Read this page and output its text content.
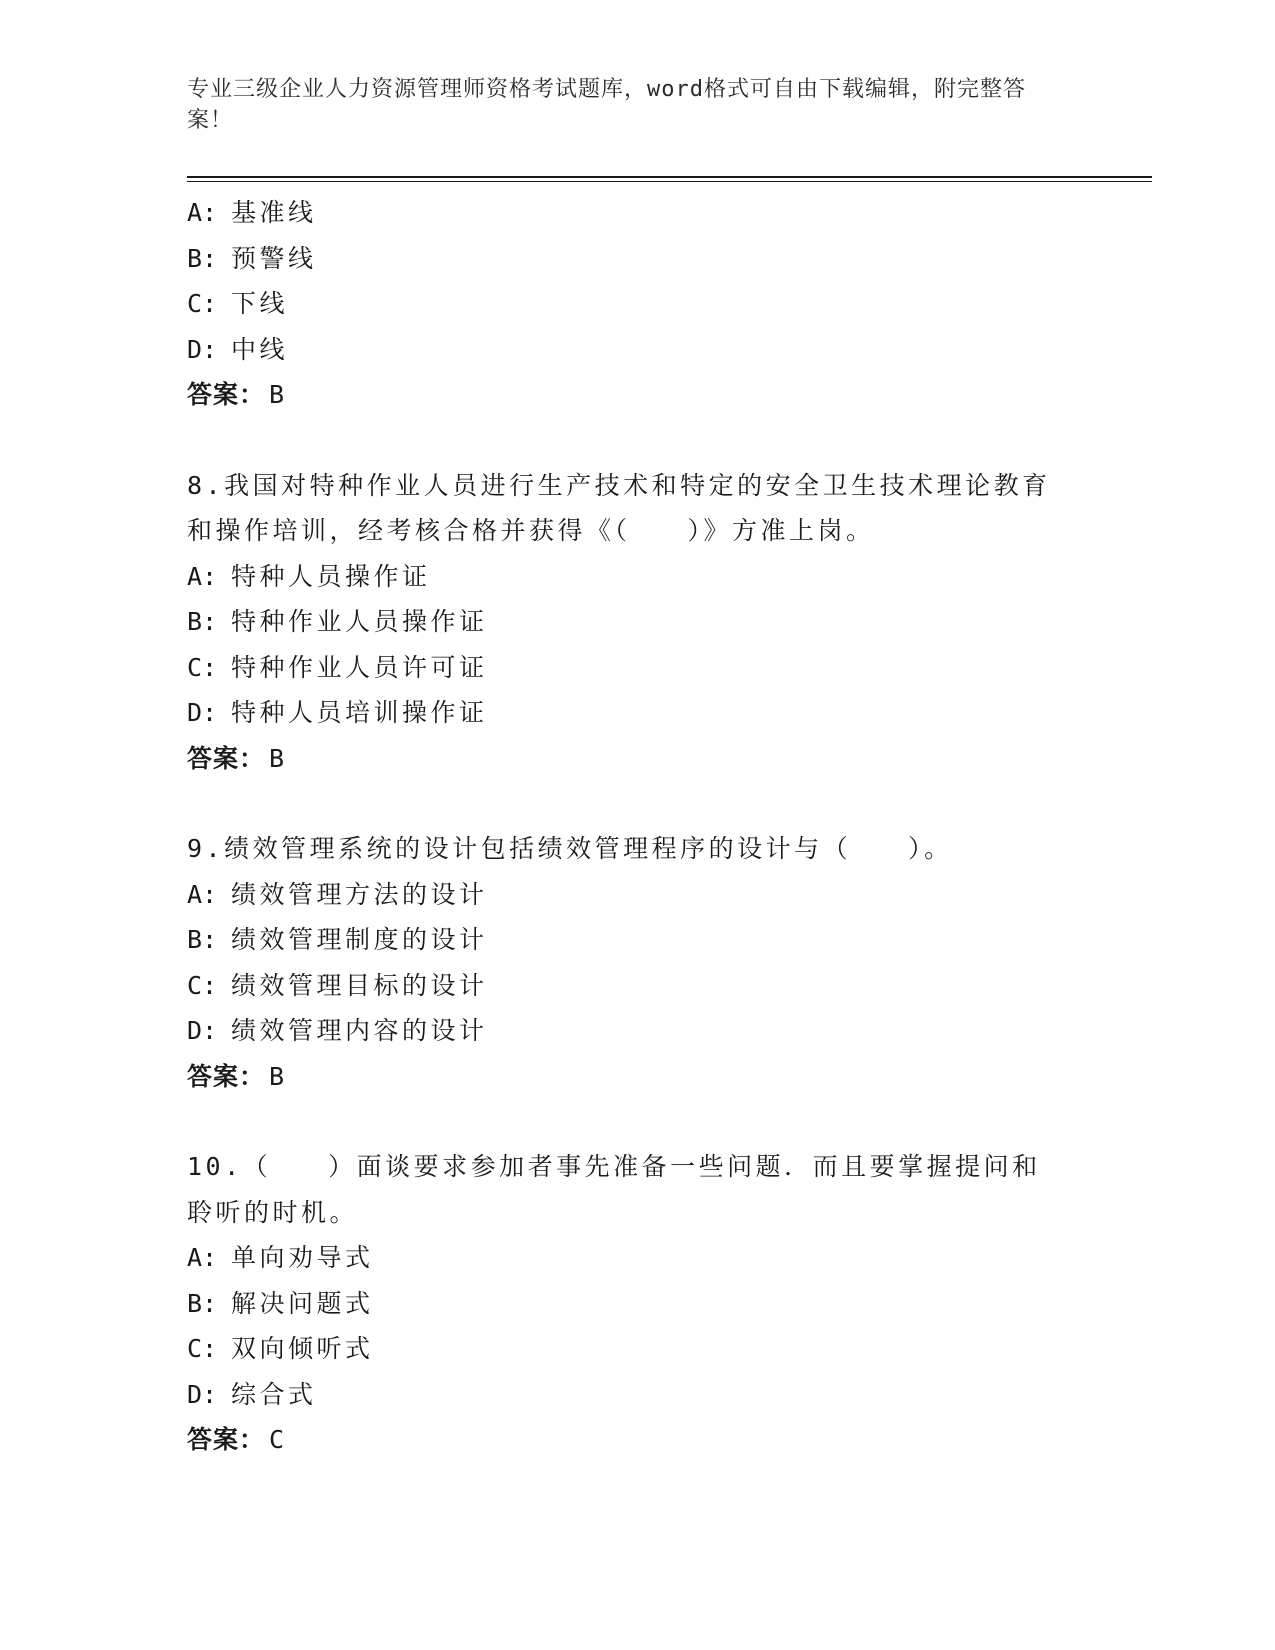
专业三级企业人力资源管理师资格考试题库，word格式可自由下载编辑，附完整答案！
A: 基准线
B: 预警线
C: 下线
D: 中线
答案： B
8.我国对特种作业人员进行生产技术和特定的安全卫生技术理论教育和操作培训，经考核合格并获得《（　　）》方准上岗。
A: 特种人员操作证
B: 特种作业人员操作证
C: 特种作业人员许可证
D: 特种人员培训操作证
答案： B
9.绩效管理系统的设计包括绩效管理程序的设计与（　　）。
A: 绩效管理方法的设计
B: 绩效管理制度的设计
C: 绩效管理目标的设计
D: 绩效管理内容的设计
答案： B
10.（　　）面谈要求参加者事先准备一些问题．而且要掌握提问和聆听的时机。
A: 单向劝导式
B: 解决问题式
C: 双向倾听式
D: 综合式
答案： C
